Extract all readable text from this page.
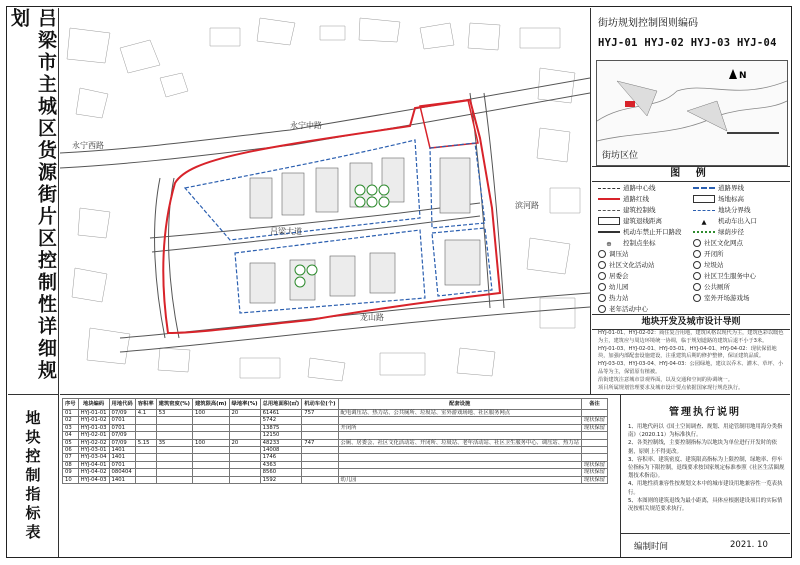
吕梁市主城区货源街片区控制性详细规划
地块控制指标表
永宁中路
永宁西路
吕梁大道
龙山路
滨河路
街坊规划控制图则编码
HYJ-01 HYJ-02 HYJ-03 HYJ-04
N
街坊区位
图 例
道路中心线	道路界线
道路红线	场地标高
建筑控制线	地块分界线
建筑退线距离	▲ 机动车出入口
机动车禁止开口路段	绿荫步径
⊕ 控制点坐标	社区文化网点
调压站	开闭所
社区文化活动站	垃圾站
居委会	社区卫生服务中心
幼儿园	公共厕所
热力站	室外开场游戏场
老年活动中心
地块开发及城市设计导则
HYJ-01-01、HYJ-02-02：商住复合用地，建筑风格以现代为主，建筑色彩以暖色为主，建筑应与周边环境统一协调，临于规划道路的建筑后退不小于3米。
HYJ-01-03、HYJ-02-01、HYJ-03-01、HYJ-04-01、HYJ-04-02：现状保留地块，加强内部配套设施建设，注重建筑后期的修护整修，保证建筑品质。
HYJ-03-03、HYJ-03-04、HYJ-04-03：公园绿地，建议以乔木、灌木、草坪、小品等为主，保留原有植被。
沿街建筑注意城市景观界面，以及交通和空间的协调统一。
项目所属规划管理要求及城市设计要点依据国家现行规范执行。
序号	地块编码	用地代码	容积率	建筑密度(%)	建筑限高(m)	绿地率(%)	总用地面积(㎡)	机动车位(个)	配套设施	备注
01	HYJ-01-01	07/09	4.1	53	100	20	61461	757	配电调压站、热力站、公共厕所、垃圾站、室外游戏场地、社区服务网点	
02	HYJ-01-02	0701					5742			现状保留
03	HYJ-01-03	0701					13875		开闭所	现状保留
04	HYJ-02-01	07/09					12150			
05	HYJ-02-02	07/09	5.15	35	100	20	48233	747	公厕、居委会、社区文化活动站、开闭所、垃圾站、老年活动站、社区卫生服务中心、调压站、热力站	
06	HYJ-03-01	1401					14008			
07	HYJ-03-04	1401					1746			
08	HYJ-04-01	0701					4363			现状保留
09	HYJ-04-02	080404					8560			现状保留
10	HYJ-04-03	1401					1592		幼儿园	现状保留
管理执行说明
1、用地代码以《国土空间调查、规划、用途管制用地用海分类指南》（2020.11）为标准执行。
2、各类控制线，主要控制指标为以地块为单位进行开发时的依据，原则上不得更改。
3、容积率、建筑密度、建筑限高指标为上限控制，绿地率、停车位指标为下限控制，退线要求按国家规定标准参照《社区生活圈规划技术指南》。
4、用地性质兼容性按规划文本中的城市建设用地兼容性一览表执行。
5、本图则的建筑退线为最小距离，具体应根据建设项目的实际情况按相关规范要求执行。
编制时间	2021. 10
